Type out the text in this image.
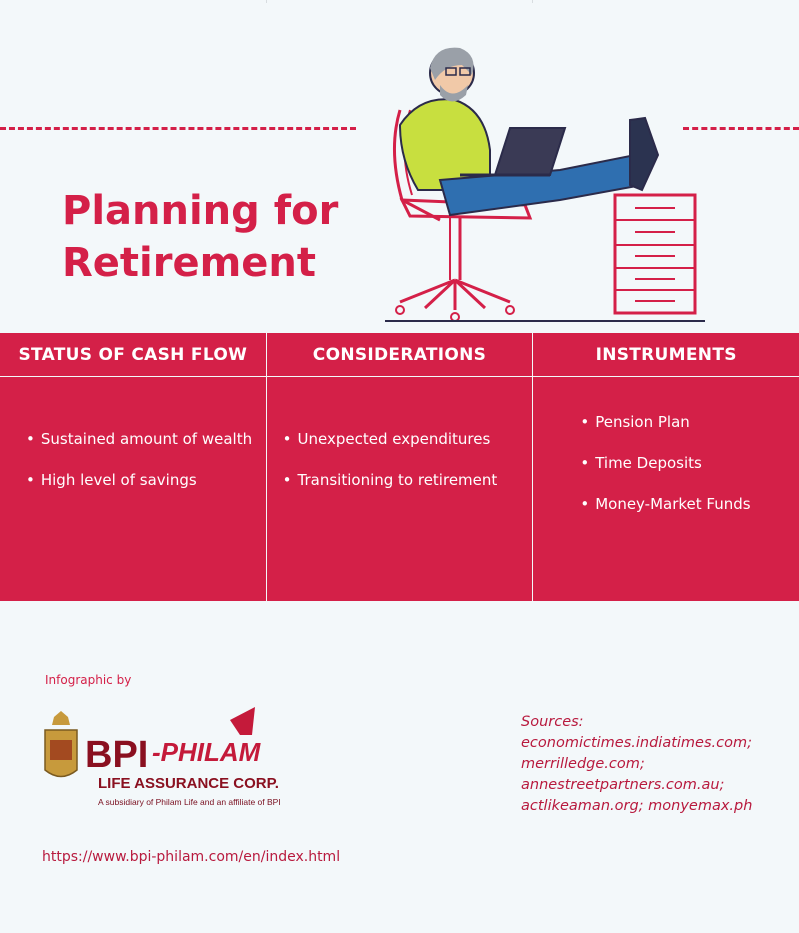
Planning for Retirement
STATUS OF CASH FLOW
• Sustained amount of wealth
• High level of savings
CONSIDERATIONS
• Unexpected expenditures
• Transitioning to retirement
INSTRUMENTS
• Pension Plan
• Time Deposits
• Money-Market Funds
Infographic by
BPI -PHILAM
LIFE ASSURANCE CORP.
A subsidiary of Philam Life and an affiliate of BPI
Sources:
economictimes.indiatimes.com;
merrilledge.com;
annestreetpartners.com.au;
actlikeaman.org; monyemax.ph
https://www.bpi-philam.com/en/index.html
